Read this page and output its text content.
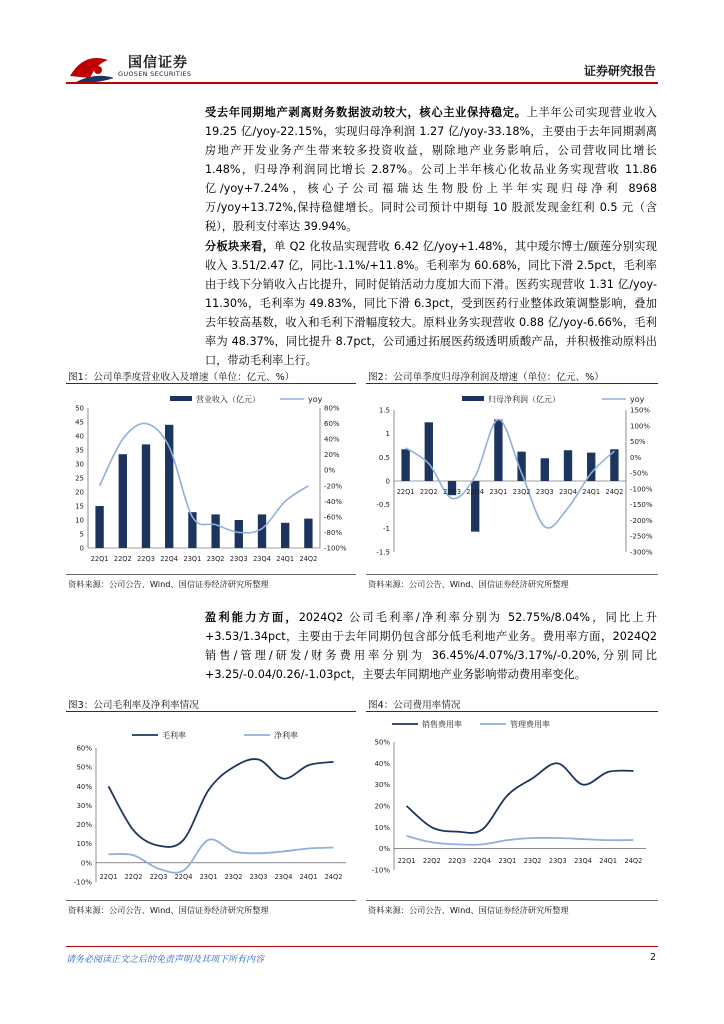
国信证券
GUOSEN SECURITIES	证券研究报告
受去年同期地产剥离财务数据波动较大，核心主业保持稳定。上半年公司实现营业收入 19.25 亿/yoy-22.15%，实现归母净利润 1.27 亿/yoy-33.18%，主要由于去年同期剥离房地产开发业务产生带来较多投资收益，剔除地产业务影响后，公司营收同比增长 1.48%，归母净利润同比增长 2.87%。公司上半年核心化妆品业务实现营收 11.86 亿/yoy+7.24%，核心子公司福瑞达生物股份上半年实现归母净利 8968 万/yoy+13.72%,保持稳健增长。同时公司预计中期每 10 股派发现金红利 0.5 元（含税），股利支付率达 39.94%。
分板块来看，单 Q2 化妆品实现营收 6.42 亿/yoy+1.48%，其中瑷尔博士/颐莲分别实现收入 3.51/2.47 亿，同比-1.1%/+11.8%。毛利率为 60.68%，同比下滑 2.5pct，毛利率由于线下分销收入占比提升，同时促销活动力度加大而下滑。医药实现营收 1.31 亿/yoy-11.30%，毛利率为 49.83%，同比下滑 6.3pct，受到医药行业整体政策调整影响，叠加去年较高基数，收入和毛利下滑幅度较大。原料业务实现营收 0.88 亿/yoy-6.66%，毛利率为 48.37%，同比提升 8.7pct，公司通过拓展医药级透明质酸产品，并积极推动原料出口，带动毛利率上行。
图1：公司单季度营业收入及增速（单位：亿元、%）
营业收入（亿元）	yoy
50
45
40
35
30
25
20
15
10
5
0
80%
60%
40%
20%
0%
-20%
-40%
-60%
-80%
-100%
22Q1 22Q2 22Q3 22Q4 23Q1 23Q2 23Q3 23Q4 24Q1 24Q2
资料来源：公司公告、Wind、国信证券经济研究所整理
图2：公司单季度归母净利润及增速（单位：亿元、%）
归母净利润（亿元）	yoy
1.5
1
0.5
0
-0.5
-1
-1.5
150%
100%
50%
0%
-50%
-100%
-150%
-200%
-250%
-300%
22Q1 22Q2 22Q3 22Q4 23Q1 23Q2 23Q3 23Q4 24Q1 24Q2
资料来源：公司公告、Wind、国信证券经济研究所整理
盈利能力方面，2024Q2 公司毛利率/净利率分别为 52.75%/8.04%，同比上升+3.53/1.34pct，主要由于去年同期仍包含部分低毛利地产业务。费用率方面，2024Q2 销售/管理/研发/财务费用率分别为 36.45%/4.07%/3.17%/-0.20%,分别同比+3.25/-0.04/0.26/-1.03pct，主要去年同期地产业务影响带动费用率变化。
图3：公司毛利率及净利率情况
毛利率	净利率
60%
50%
40%
30%
20%
10%
0%
-10%
22Q1 22Q2 22Q3 22Q4 23Q1 23Q2 23Q3 23Q4 24Q1 24Q2
资料来源：公司公告、Wind、国信证券经济研究所整理
图4：公司费用率情况
销售费用率	管理费用率
50%
40%
30%
20%
10%
0%
-10%
22Q1 22Q2 22Q3 22Q4 23Q1 23Q2 23Q3 23Q4 24Q1 24Q2
资料来源：公司公告、Wind、国信证券经济研究所整理
请务必阅读正文之后的免责声明及其项下所有内容	2
